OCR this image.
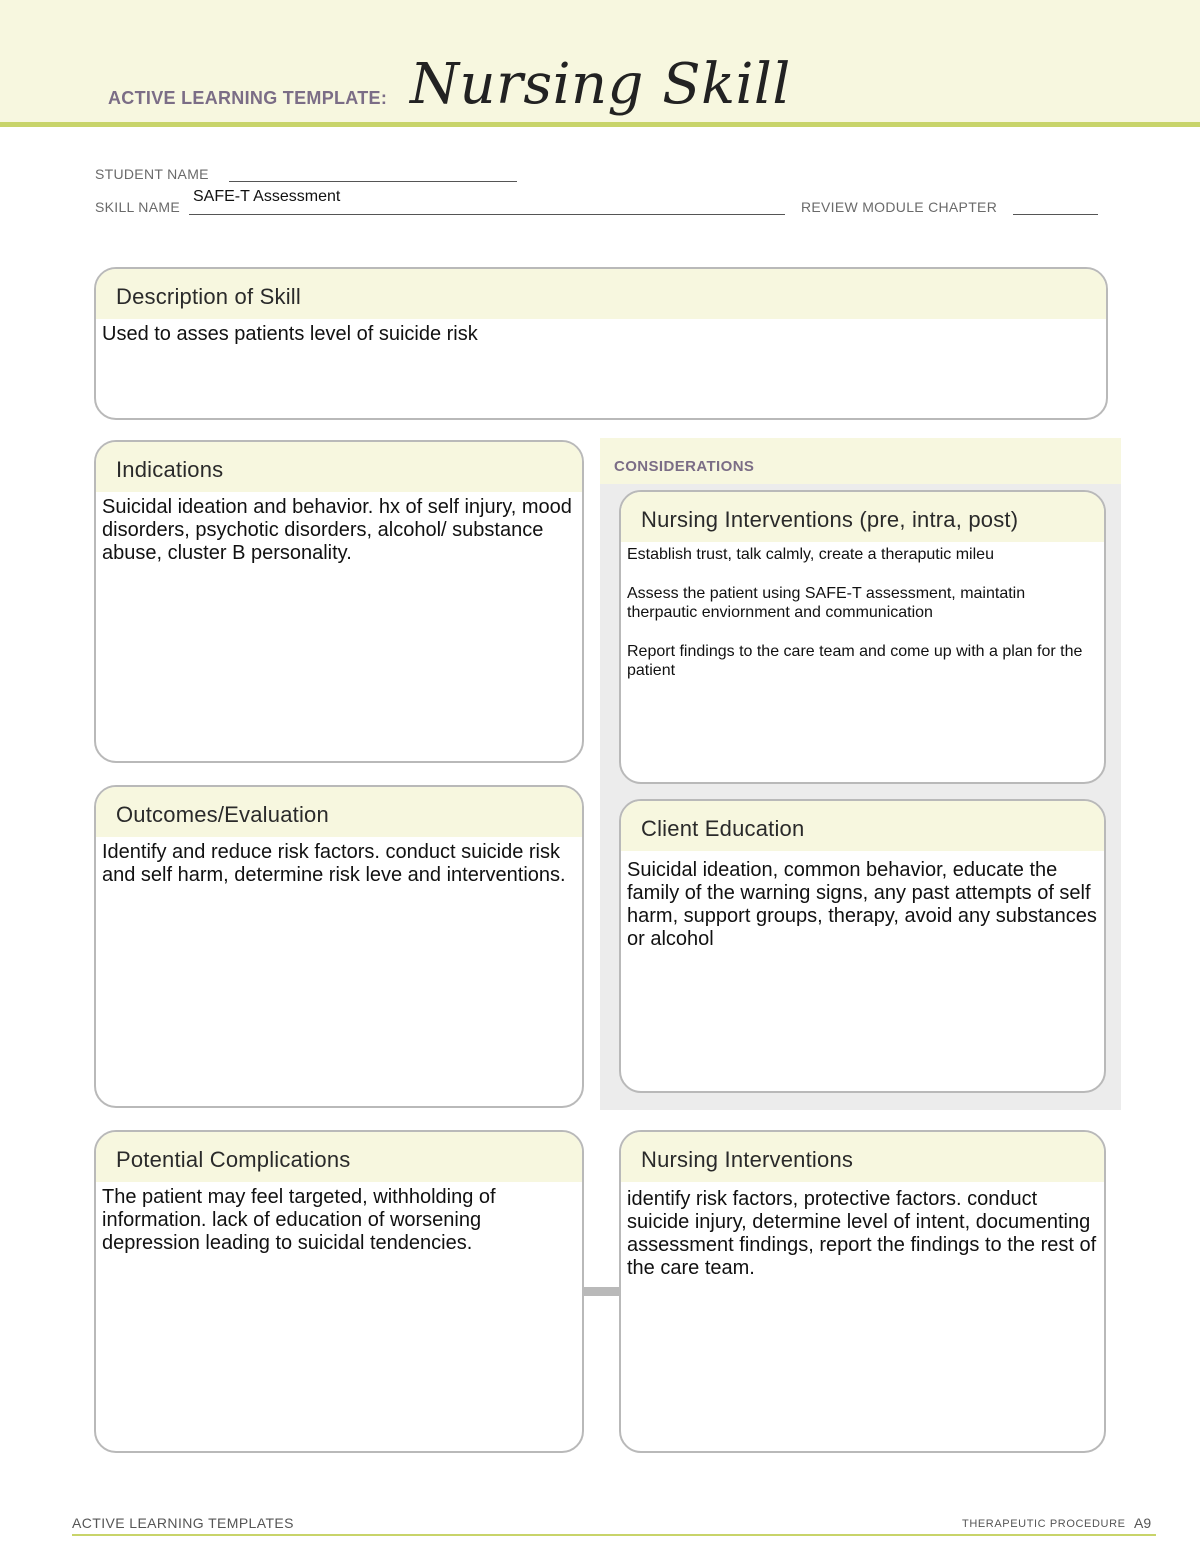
ACTIVE LEARNING TEMPLATE: Nursing Skill
STUDENT NAME
SKILL NAME
SAFE-T Assessment
REVIEW MODULE CHAPTER
Description of Skill
Used to asses patients level of suicide risk
CONSIDERATIONS
Indications
Suicidal ideation and behavior. hx of self injury, mood disorders, psychotic disorders, alcohol/ substance abuse, cluster B personality.
Nursing Interventions (pre, intra, post)

Establish trust, talk calmly, create a theraputic mileu

Assess the patient using SAFE-T assessment, maintatin therpautic enviornment and communication

Report findings to the care team and come up with a plan for the patient

Outcomes/Evaluation
Identify and reduce risk factors. conduct suicide risk and self harm, determine risk leve and interventions.
Client Education
Suicidal ideation, common behavior, educate the family of the warning signs, any past attempts of self harm, support groups, therapy, avoid any substances or alcohol
Potential Complications
The patient may feel targeted, withholding of information. lack of education of worsening depression leading to suicidal tendencies.
Nursing Interventions
identify risk factors, protective factors. conduct suicide injury, determine level of intent, documenting assessment findings, report the findings to the rest of the care team.
ACTIVE LEARNING TEMPLATES	THERAPEUTIC PROCEDURE A9
